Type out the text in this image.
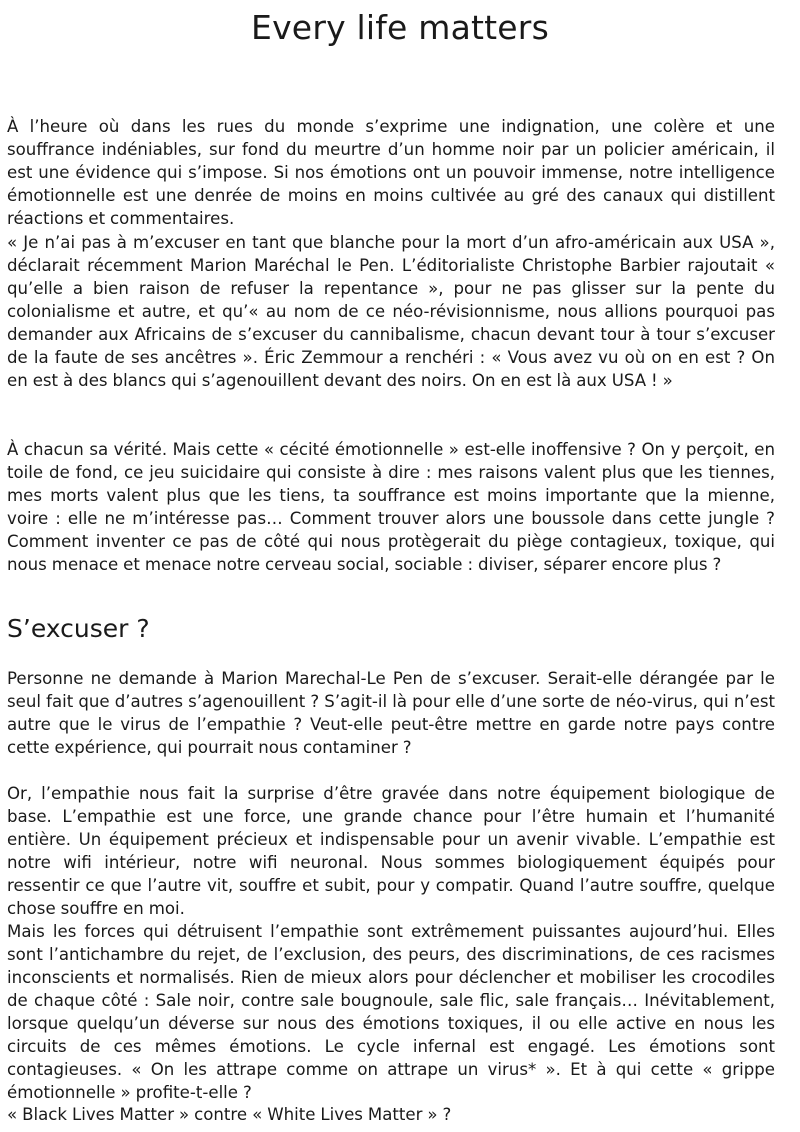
Every life matters

À l’heure où dans les rues du monde s’exprime une indignation, une colère et une souffrance indéniables, sur fond du meurtre d’un homme noir par un policier américain, il est une évidence qui s’impose. Si nos émotions ont un pouvoir immense, notre intelligence émotionnelle est une denrée de moins en moins cultivée au gré des canaux qui distillent réactions et commentaires.

« Je n’ai pas à m’excuser en tant que blanche pour la mort d’un afro-américain aux USA », déclarait récemment Marion Maréchal le Pen. L’éditorialiste Christophe Barbier rajoutait « qu’elle a bien raison de refuser la repentance », pour ne pas glisser sur la pente du colonialisme et autre, et qu’« au nom de ce néo-révisionnisme, nous allions pourquoi pas demander aux Africains de s’excuser du cannibalisme, chacun devant tour à tour s’excuser de la faute de ses ancêtres ». Éric Zemmour a renchéri : « Vous avez vu où on en est ? On en est à des blancs qui s’agenouillent devant des noirs. On en est là aux USA ! »

À chacun sa vérité. Mais cette « cécité émotionnelle » est-elle inoffensive ? On y perçoit, en toile de fond, ce jeu suicidaire qui consiste à dire : mes raisons valent plus que les tiennes, mes morts valent plus que les tiens, ta souffrance est moins importante que la mienne, voire : elle ne m’intéresse pas… Comment trouver alors une boussole dans cette jungle ? Comment inventer ce pas de côté qui nous protègerait du piège contagieux, toxique, qui nous menace et menace notre cerveau social, sociable : diviser, séparer encore plus ?

S’excuser ?

Personne ne demande à Marion Marechal-Le Pen de s’excuser. Serait-elle dérangée par le seul fait que d’autres s’agenouillent ? S’agit-il là pour elle d’une sorte de néo-virus, qui n’est autre que le virus de l’empathie ? Veut-elle peut-être mettre en garde notre pays contre cette expérience, qui pourrait nous contaminer ?

Or, l’empathie nous fait la surprise d’être gravée dans notre équipement biologique de base. L’empathie est une force, une grande chance pour l’être humain et l’humanité entière. Un équipement précieux et indispensable pour un avenir vivable. L’empathie est notre wifi intérieur, notre wifi neuronal. Nous sommes biologiquement équipés pour ressentir ce que l’autre vit, souffre et subit, pour y compatir. Quand l’autre souffre, quelque chose souffre en moi.

Mais les forces qui détruisent l’empathie sont extrêmement puissantes aujourd’hui. Elles sont l’antichambre du rejet, de l’exclusion, des peurs, des discriminations, de ces racismes inconscients et normalisés. Rien de mieux alors pour déclencher et mobiliser les crocodiles de chaque côté : Sale noir, contre sale bougnoule, sale flic, sale français… Inévitablement, lorsque quelqu’un déverse sur nous des émotions toxiques, il ou elle active en nous les circuits de ces mêmes émotions. Le cycle infernal est engagé. Les émotions sont contagieuses. « On les attrape comme on attrape un virus* ». Et à qui cette « grippe émotionnelle » profite-t-elle ?

« Black Lives Matter » contre « White Lives Matter » ?
